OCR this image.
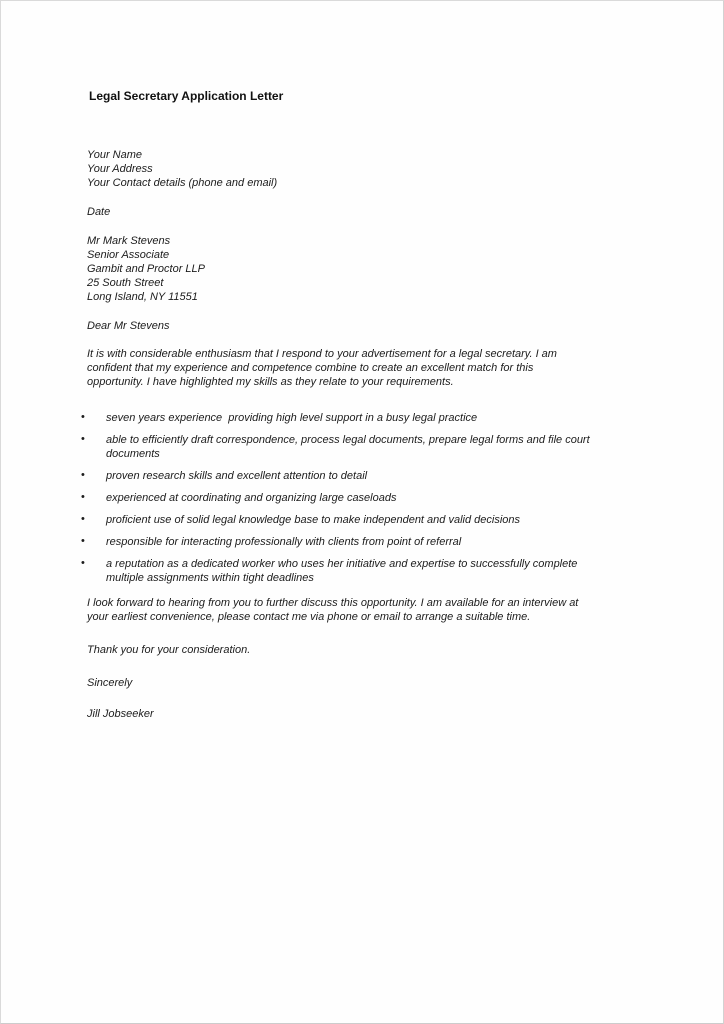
Legal Secretary Application Letter
Your Name
Your Address
Your Contact details (phone and email)
Date
Mr Mark Stevens
Senior Associate
Gambit and Proctor LLP
25 South Street
Long Island, NY 11551
Dear Mr Stevens
It is with considerable enthusiasm that I respond to your advertisement for a legal secretary. I am
confident that my experience and competence combine to create an excellent match for this
opportunity. I have highlighted my skills as they relate to your requirements.
• seven years experience  providing high level support in a busy legal practice
• able to efficiently draft correspondence, process legal documents, prepare legal forms and file court
documents
• proven research skills and excellent attention to detail
• experienced at coordinating and organizing large caseloads
• proficient use of solid legal knowledge base to make independent and valid decisions
• responsible for interacting professionally with clients from point of referral
• a reputation as a dedicated worker who uses her initiative and expertise to successfully complete
multiple assignments within tight deadlines
I look forward to hearing from you to further discuss this opportunity. I am available for an interview at
your earliest convenience, please contact me via phone or email to arrange a suitable time.
Thank you for your consideration.
Sincerely
Jill Jobseeker
